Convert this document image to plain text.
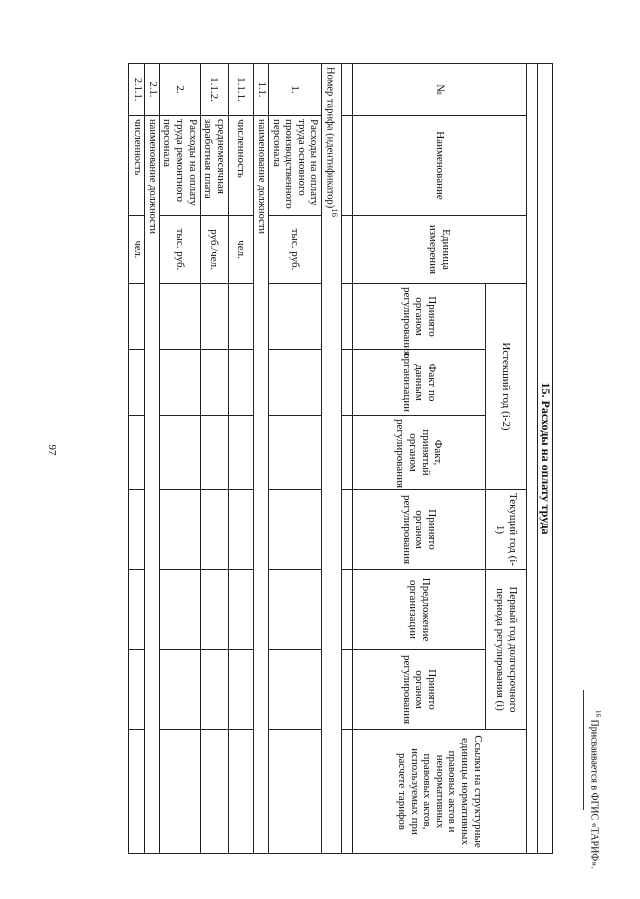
97	15. Расходы на оплату труда									

№	Наименование	Единица измерения	Истекший год (i-2)			Текущий год (i-1)	Первый год долгосрочного периода регулирования (i)		Ссылки на структурные единицы нормативных правовых актов и ненормативных правовых актов, используемых при расчете тарифов
			Принято органом регулирования	Факт по данным организации	Факт, принятый органом регулирования	Принято органом регулирования	Предложение организации	Принято органом регулирования	

Номер тарифа (идентификатор)$^{16}$
1.	Расходы на оплату труда основного производственного персонала	тыс. руб.							
1.1.	наименование должности								
1.1.1.	численность	чел.							
1.1.2.	среднемесячная заработная плата	руб./чел.							
2.	Расходы на оплату труда ремонтного персонала	тыс. руб.							
2.1.	наименование должности								
2.1.1.	численность	чел.							
$^{16}$ Присваивается в ФГИС «ТАРИФ».
